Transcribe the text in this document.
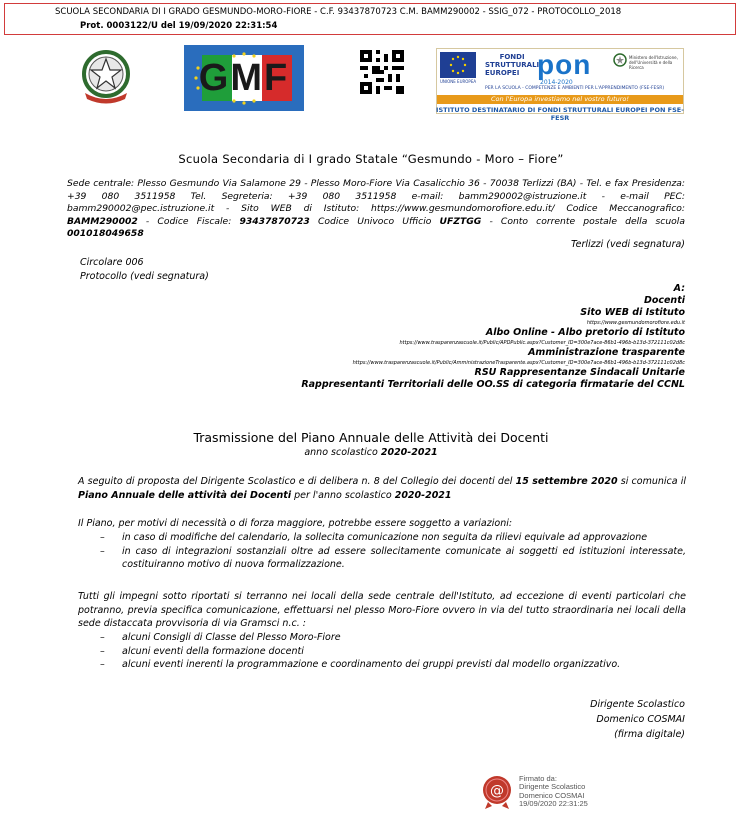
SCUOLA SECONDARIA DI I GRADO GESMUNDO-MORO-FIORE - C.F. 93437870723 C.M. BAMM290002 - SSIG_072 - PROTOCOLLO_2018
Prot. 0003122/U del 19/09/2020 22:31:54
GMF	UNIONE EUROPEA
FONDI
STRUTTURALI
EUROPEI pon
2014-2020
PER LA SCUOLA - COMPETENZE E AMBIENTI PER L'APPRENDIMENTO (FSE-FESR)
Ministero dell'Istruzione, dell'Università e della Ricerca
Con l'Europa investiamo nel vostro futuro!
ISTITUTO DESTINATARIO DI FONDI STRUTTURALI EUROPEI PON FSE-FESR
Scuola Secondaria di I grado Statale “Gesmundo - Moro – Fiore”
Sede centrale: Plesso Gesmundo Via Salamone 29 - Plesso Moro-Fiore Via Casalicchio 36 - 70038 Terlizzi (BA) - Tel. e fax Presidenza: +39 080 3511958 Tel. Segreteria: +39 080 3511958 e-mail: bamm290002@istruzione.it - e-mail PEC: bamm290002@pec.istruzione.it - Sito WEB di Istituto: https://www.gesmundomorofiore.edu.it/ Codice Meccanografico: BAMM290002 - Codice Fiscale: 93437870723 Codice Univoco Ufficio UFZTGG - Conto corrente postale della scuola 001018049658
Terlizzi (vedi segnatura)
Circolare 006
Protocollo (vedi segnatura)
A:
Docenti
Sito WEB di Istituto
https://www.gesmundomorofiore.edu.it
Albo Online - Albo pretorio di Istituto
https://www.trasparenzascuole.it/Public/APDPublic.aspx?Customer_ID=300e7ace-86b1-496b-b13d-372111c02d8c
Amministrazione trasparente
https://www.trasparenzascuole.it/Public/AmministrazioneTrasparente.aspx?Customer_ID=300e7ace-86b1-496b-b13d-372111c02d8c
RSU Rappresentanze Sindacali Unitarie
Rappresentanti Territoriali delle OO.SS di categoria firmatarie del CCNL
Trasmissione del Piano Annuale delle Attività dei Docenti
anno scolastico 2020-2021
A seguito di proposta del Dirigente Scolastico e di delibera n. 8 del Collegio dei docenti del 15 settembre 2020 si comunica il Piano Annuale delle attività dei Docenti per l'anno scolastico 2020-2021
Il Piano, per motivi di necessità o di forza maggiore, potrebbe essere soggetto a variazioni:
– in caso di modifiche del calendario, la sollecita comunicazione non seguita da rilievi equivale ad approvazione
– in caso di integrazioni sostanziali oltre ad essere sollecitamente comunicate ai soggetti ed istituzioni interessate, costituiranno motivo di nuova formalizzazione.
Tutti gli impegni sotto riportati si terranno nei locali della sede centrale dell'Istituto, ad eccezione di eventi particolari che potranno, previa specifica comunicazione, effettuarsi nel plesso Moro-Fiore ovvero in via del tutto straordinaria nei locali della sede distaccata provvisoria di via Gramsci n.c. :
– alcuni Consigli di Classe del Plesso Moro-Fiore
– alcuni eventi della formazione docenti
– alcuni eventi inerenti la programmazione e coordinamento dei gruppi previsti dal modello organizzativo.
Dirigente Scolastico
Domenico COSMAI
(firma digitale)
@
Firmato da:
Dirigente Scolastico
Domenico COSMAI
19/09/2020 22:31:25
